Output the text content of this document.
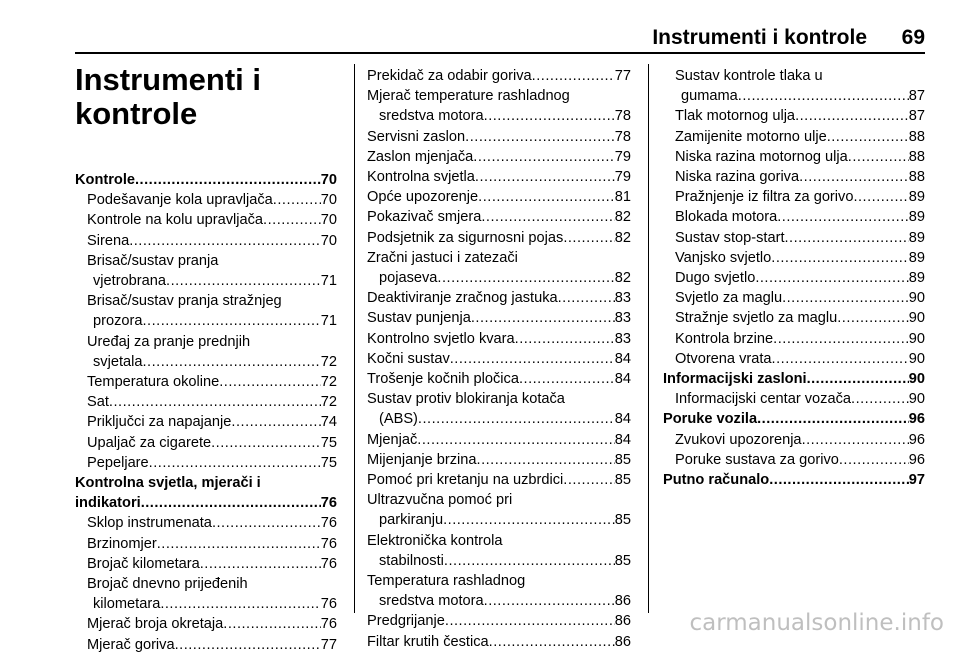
Instrumenti i kontrole 69
Instrumenti i
kontrole
Kontrole .....	70
Podešavanje kola upravljača .....	70
Kontrole na kolu upravljača .....	70
Sirena .....	70
Brisač/sustav pranja
vjetrobrana .....	71
Brisač/sustav pranja stražnjeg
prozora .....	71
Uređaj za pranje prednjih
svjetala .....	72
Temperatura okoline .....	72
Sat .....	72
Priključci za napajanje .....	74
Upaljač za cigarete .....	75
Pepeljare .....	75
Kontrolna svjetla, mjerači i
indikatori .....	76
Sklop instrumenata .....	76
Brzinomjer .....	76
Brojač kilometara .....	76
Brojač dnevno prijeđenih
kilometara .....	76
Mjerač broja okretaja .....	76
Mjerač goriva .....	77
Prekidač za odabir goriva .....	77
Mjerač temperature rashladnog
sredstva motora .....	78
Servisni zaslon .....	78
Zaslon mjenjača .....	79
Kontrolna svjetla .....	79
Opće upozorenje .....	81
Pokazivač smjera .....	82
Podsjetnik za sigurnosni pojas .....	82
Zračni jastuci i zatezači
pojaseva .....	82
Deaktiviranje zračnog jastuka .....	83
Sustav punjenja .....	83
Kontrolno svjetlo kvara .....	83
Kočni sustav .....	84
Trošenje kočnih pločica .....	84
Sustav protiv blokiranja kotača
(ABS) .....	84
Mjenjač .....	84
Mijenjanje brzina .....	85
Pomoć pri kretanju na uzbrdici .....	85
Ultrazvučna pomoć pri
parkiranju .....	85
Elektronička kontrola
stabilnosti .....	85
Temperatura rashladnog
sredstva motora .....	86
Predgrijanje .....	86
Filtar krutih čestica .....	86
Sustav kontrole tlaka u
gumama .....	87
Tlak motornog ulja .....	87
Zamijenite motorno ulje .....	88
Niska razina motornog ulja .....	88
Niska razina goriva .....	88
Pražnjenje iz filtra za gorivo .....	89
Blokada motora .....	89
Sustav stop-start .....	89
Vanjsko svjetlo .....	89
Dugo svjetlo .....	89
Svjetlo za maglu .....	90
Stražnje svjetlo za maglu .....	90
Kontrola brzine .....	90
Otvorena vrata .....	90
Informacijski zasloni .....	90
Informacijski centar vozača .....	90
Poruke vozila .....	96
Zvukovi upozorenja .....	96
Poruke sustava za gorivo .....	96
Putno računalo .....	97
carmanualsonline.info
